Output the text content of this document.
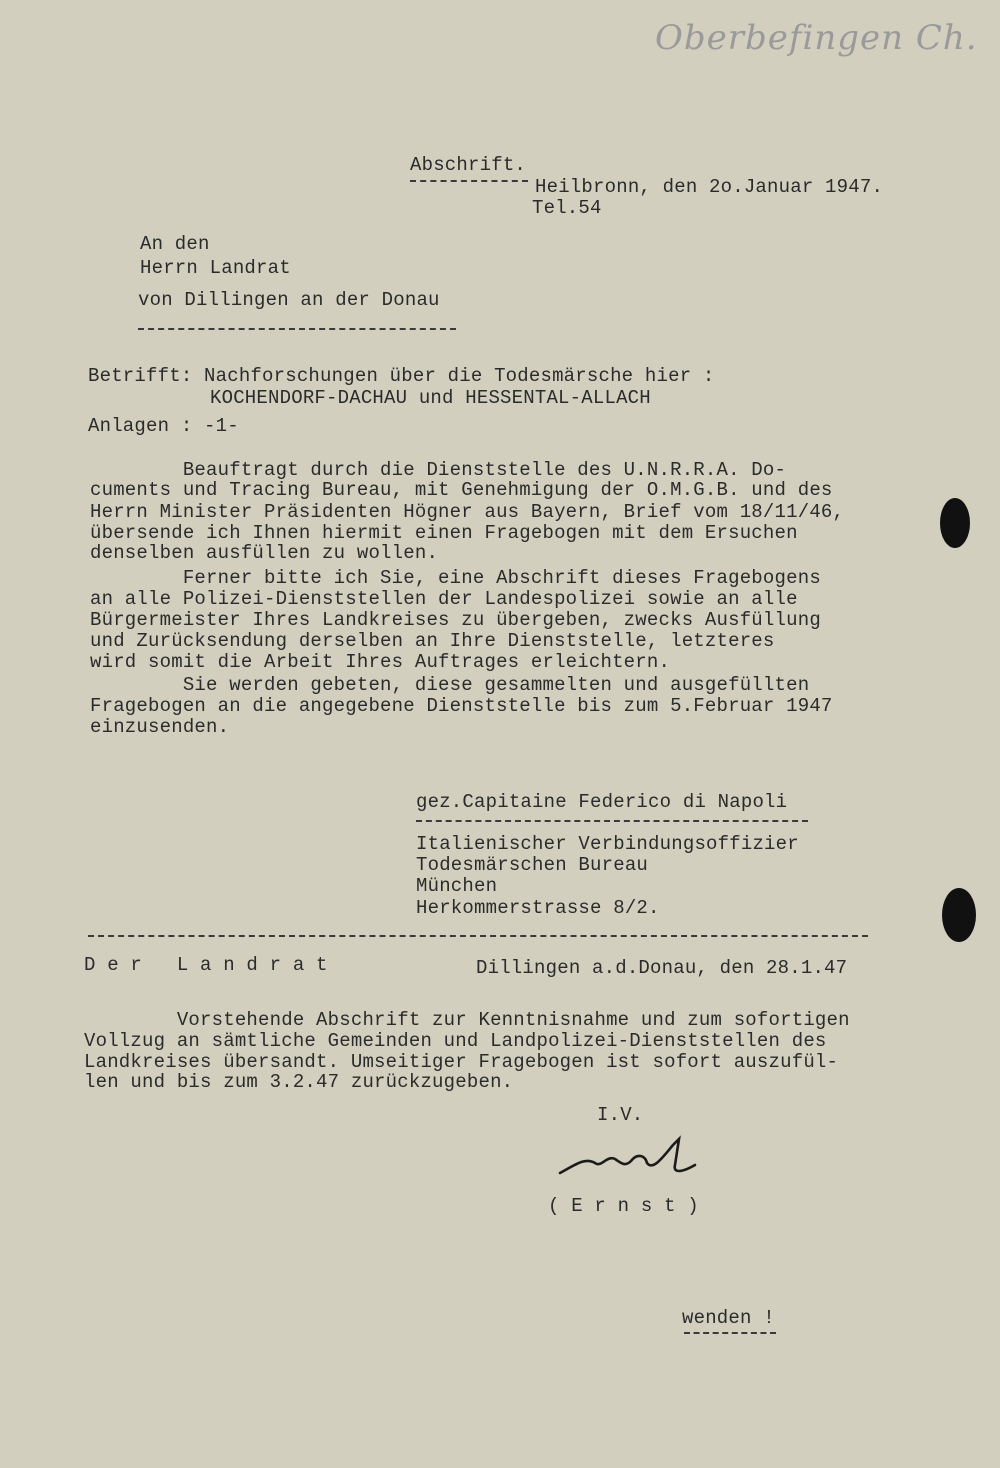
Oberbefingen Ch.
Abschrift.
Heilbronn, den 2o.Januar 1947.
Tel.54
An den
Herrn Landrat
von Dillingen an der Donau
Betrifft: Nachforschungen über die Todesmärsche hier :
KOCHENDORF-DACHAU und HESSENTAL-ALLACH
Anlagen : -1-
Beauftragt durch die Dienststelle des U.N.R.R.A. Do-
cuments und Tracing Bureau, mit Genehmigung der O.M.G.B. und des
Herrn Minister Präsidenten Högner aus Bayern, Brief vom 18/11/46,
übersende ich Ihnen hiermit einen Fragebogen mit dem Ersuchen
denselben ausfüllen zu wollen.
Ferner bitte ich Sie, eine Abschrift dieses Fragebogens
an alle Polizei-Dienststellen der Landespolizei sowie an alle
Bürgermeister Ihres Landkreises zu übergeben, zwecks Ausfüllung
und Zurücksendung derselben an Ihre Dienststelle, letzteres
wird somit die Arbeit Ihres Auftrages erleichtern.
Sie werden gebeten, diese gesammelten und ausgefüllten
Fragebogen an die angegebene Dienststelle bis zum 5.Februar 1947
einzusenden.
gez.Capitaine Federico di Napoli
Italienischer Verbindungsoffizier
Todesmärschen Bureau
München
Herkommerstrasse 8/2.
D e r   L a n d r a t	Dillingen a.d.Donau, den 28.1.47
Vorstehende Abschrift zur Kenntnisnahme und zum sofortigen
Vollzug an sämtliche Gemeinden und Landpolizei-Dienststellen des
Landkreises übersandt. Umseitiger Fragebogen ist sofort auszufül-
len und bis zum 3.2.47 zurückzugeben.
I.V.
( E r n s t )
wenden !
